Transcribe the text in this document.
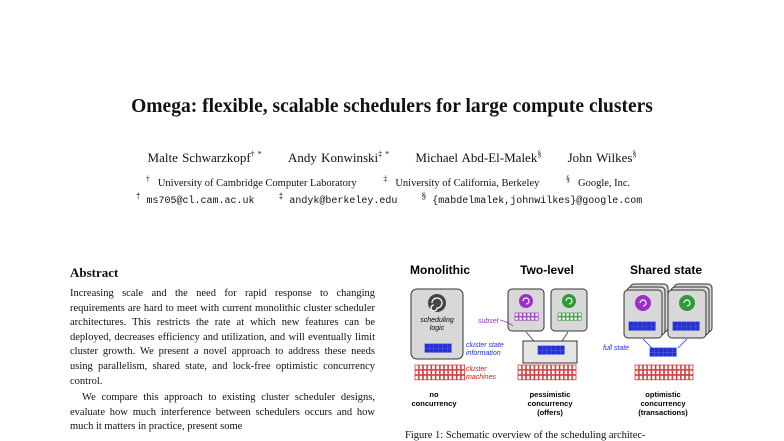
Omega: flexible, scalable schedulers for large compute clusters
Malte Schwarzkopf† * Andy Konwinski‡ * Michael Abd-El-Malek§ John Wilkes§
† University of Cambridge Computer Laboratory	‡ University of California, Berkeley	§ Google, Inc.
† ms705@cl.cam.ac.uk	‡ andyk@berkeley.edu	§ {mabdelmalek,johnwilkes}@google.com
Abstract

Increasing scale and the need for rapid response to changing requirements are hard to meet with current monolithic cluster scheduler architectures. This restricts the rate at which new features can be deployed, decreases efficiency and utilization, and will eventually limit cluster growth. We present a novel approach to address these needs using parallelism, shared state, and lock-free optimistic concurrency control.

We compare this approach to existing cluster scheduler designs, evaluate how much interference between schedulers occurs and how much it matters in practice, present some

Monolithic	Two-level	Shared state
scheduling logic
cluster state information
cluster machines
no concurrency
subset
pessimistic concurrency (offers)
full state
optimistic concurrency (transactions)
Figure 1: Schematic overview of the scheduling architec-
